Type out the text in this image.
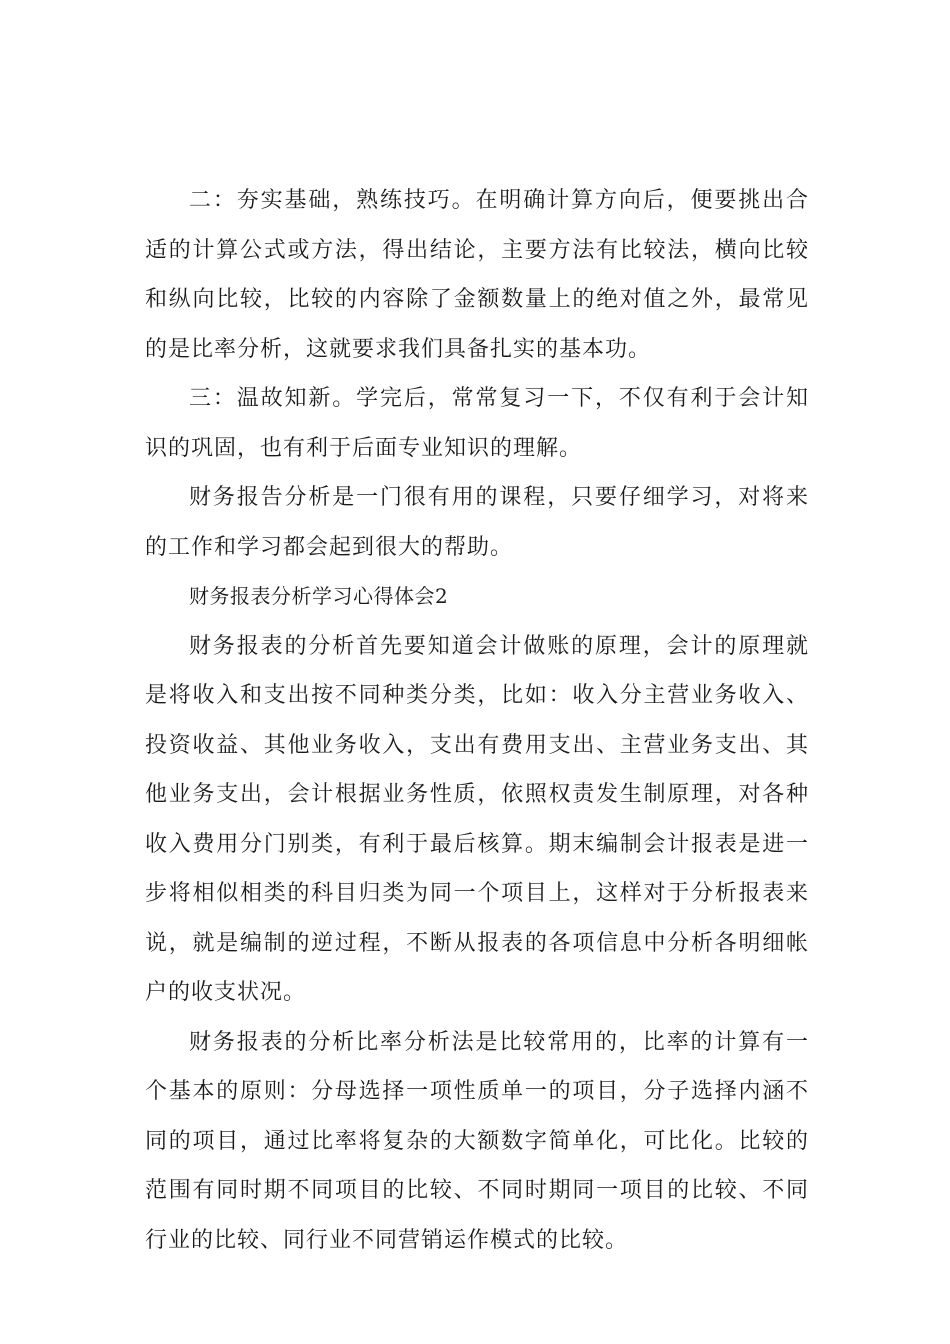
二：夯实基础，熟练技巧。在明确计算方向后，便要挑出合适的计算公式或方法，得出结论，主要方法有比较法，横向比较和纵向比较，比较的内容除了金额数量上的绝对值之外，最常见的是比率分析，这就要求我们具备扎实的基本功。

三：温故知新。学完后，常常复习一下，不仅有利于会计知识的巩固，也有利于后面专业知识的理解。

财务报告分析是一门很有用的课程，只要仔细学习，对将来的工作和学习都会起到很大的帮助。

财务报表分析学习心得体会2

财务报表的分析首先要知道会计做账的原理，会计的原理就是将收入和支出按不同种类分类，比如：收入分主营业务收入、投资收益、其他业务收入，支出有费用支出、主营业务支出、其他业务支出，会计根据业务性质，依照权责发生制原理，对各种收入费用分门别类，有利于最后核算。期末编制会计报表是进一步将相似相类的科目归类为同一个项目上，这样对于分析报表来说，就是编制的逆过程，不断从报表的各项信息中分析各明细帐户的收支状况。

财务报表的分析比率分析法是比较常用的，比率的计算有一个基本的原则：分母选择一项性质单一的项目，分子选择内涵不同的项目，通过比率将复杂的大额数字简单化，可比化。比较的范围有同时期不同项目的比较、不同时期同一项目的比较、不同行业的比较、同行业不同营销运作模式的比较。
